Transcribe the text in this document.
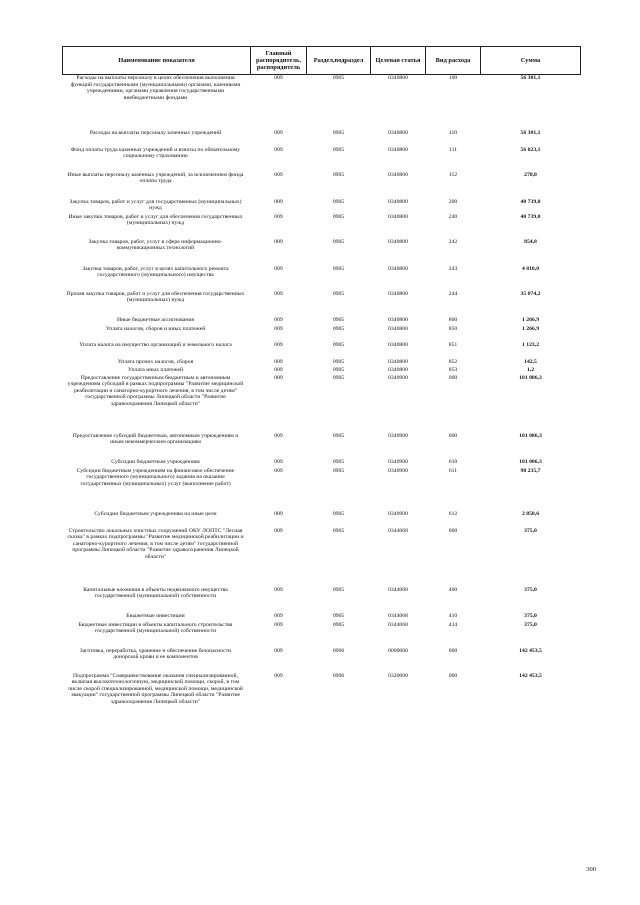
Наименование показателя	Главный распорядитель, распорядитель	Раздел,подраздел	Целевая статья	Вид расхода	Сумма
Расходы на выплаты персоналу в целях обеспечения выполнения функций государственными (муниципальными) органами, казенными учреждениями, органами управления государственными внебюджетными фондами	009	0905	0340800	100	56 301,1
Расходы на выплаты персоналу казенных учреждений	009	0905	0340800	110	56 301,1
Фонд оплаты труда казенных учреждений и взносы по обязательному социальному страхованию	009	0905	0340800	111	56 023,1
Иные выплаты персоналу казенных учреждений, за исключением фонда оплаты труда	009	0905	0340800	112	278,0
Закупка товаров, работ и услуг для государственных (муниципальных) нужд	009	0905	0340800	200	40 739,0
Иные закупки товаров, работ и услуг для обеспечения государственных (муниципальных) нужд	009	0905	0340800	240	40 739,0
Закупка товаров, работ, услуг в сфере информационно-коммуникационных технологий	009	0905	0340800	242	854,8
Закупка товаров, работ, услуг в целях капитального ремонта государственного (муниципального) имущества	009	0905	0340800	243	4 810,0
Прочая закупка товаров, работ и услуг для обеспечения государственных (муниципальных) нужд	009	0905	0340800	244	35 074,2
Иные бюджетные ассигнования	009	0905	0340800	800	1 266,9
Уплата налогов, сборов и иных платежей	009	0905	0340800	850	1 266,9
Уплата налога на имущество организаций и земельного налога	009	0905	0340800	851	1 123,2
Уплата прочих налогов, сборов	009	0905	0340800	852	142,5
Уплата иных платежей	009	0905	0340800	853	1,2
Предоставление государственным бюджетным и автономным учреждениям субсидий в рамках подпрограммы "Развитие медицинской реабилитации и санаторно-курортного лечения, в том числе детям" государственной программы Липецкой области "Развитие здравоохранения Липецкой области"	009	0905	0340900	000	101 086,3
Предоставление субсидий бюджетным, автономным учреждениям и иным некоммерческим организациям	009	0905	0340900	600	101 086,3
Субсидии бюджетным учреждениям	009	0905	0340900	610	101 086,3
Субсидии бюджетным учреждениям на финансовое обеспечение государственного (муниципального) задания на оказание государственных (муниципальных) услуг (выполнение работ)	009	0905	0340900	611	98 235,7
Субсидии бюджетным учреждениям на иные цели	009	0905	0340900	612	2 850,6
Строительство локальных очистных сооружений ОКУ ЛОПТС "Лесная сказка" в рамках подпрограммы "Развитие медицинской реабилитации и санаторно-курортного лечения, в том числе детям" государственной программы Липецкой области "Развитие здравоохранения Липецкой области"	009	0905	0344068	000	375,0
Капитальные вложения в объекты недвижимого имущества государственной (муниципальной) собственности	009	0905	0344068	400	375,0
Бюджетные инвестиции	009	0905	0344068	410	375,0
Бюджетные инвестиции в объекты капитального строительства государственной (муниципальной) собственности	009	0905	0344068	414	375,0
Заготовка, переработка, хранение и обеспечение безопасности донорской крови и ее компонентов	009	0906	0000000	000	142 453,5
Подпрограмма "Совершенствование оказания специализированной, включая высокотехнологичную, медицинской помощи, скорой, в том числе скорой специализированной, медицинской помощи, медицинской эвакуации" государственной программы Липецкой области "Развитие здравоохранения Липецкой области"	009	0906	0320000	000	142 453,5
300
